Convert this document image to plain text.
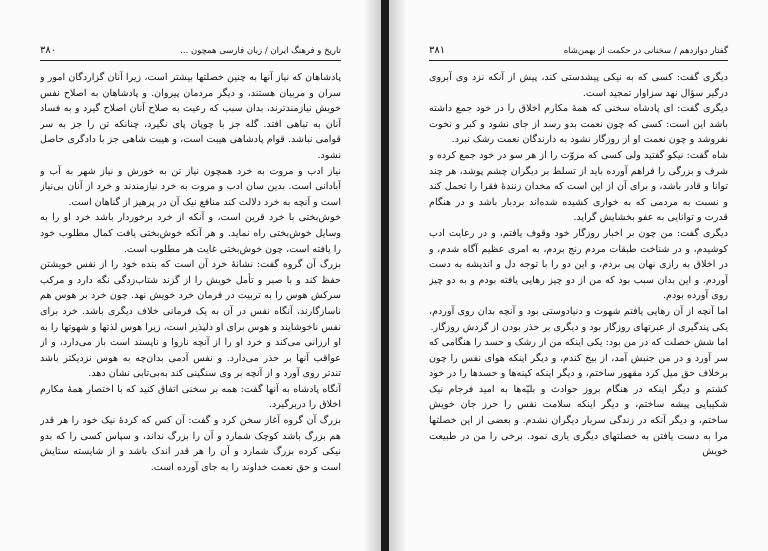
۳۸۰	تاریخ و فرهنگ ایران / زبان فارسی همچون ...

پادشاهان که نیاز آنها به چنین خصلتها بیشتر است، زیرا آنان گزاردگان امور و سران و مربیان هستند، و دیگر مردمان پیروان. و پادشاهان به اصلاح نفس خویش نیازمندترند، بدان سبب که رعیت به صلاح آنان اصلاح گیرد و به فساد آنان به تباهی افتد. گله جز با چوپان پای نگیرد، چنانکه تن را جز به سر قوامی نباشد. قوام پادشاهی هیبت است، و هیبت شاهی جز با دادگری حاصل نشود.

نیاز ادب و مروت به خرد همچون نیاز تن به خورش و نیاز شهر به آب و آبادانی است. بدین سان ادب و مروت به خرد نیازمندند و خرد از آنان بی‌نیاز است و آنچه به خرد دلالت کند منافع نیک آن در پرهیز از گناهان است.

خوش‌بختی با خرد قرین است، و آنکه از خرد برخوردار باشد خرد او را به وسایل خوش‌بختی راه نماید. و هر آنکه خوش‌بختی یافت کمال مطلوب خود را یافته است، چون خوش‌بختی غایت هر مطلوب است.

بزرگ آن گروه گفت: نشانهٔ خرد آن است که بنده خود را از نفس خویشتن حفظ کند و با صبر و تأمل خویش را از گزند شتاب‌زدگی نگه دارد و مرکب سرکش هوس را به تربیت در فرمان خرد خویش نهد. چون خرد بر هوس هم ناسازگارند، آنگاه نفس در آن به یک فرمانی خلاف دیگری باشد. خرد برای نفس ناخوشایند و هوس برای او دلپذیر است، زیرا هوس لذتها و شهوتها را به او ارزانی می‌کند و خرد او را از آنچه ناروا و ناپسند است باز می‌دارد، و از عواقب آنها بر حذر می‌دارد. و نفس آدمی بدان‌چه به هوس نزدیکتر باشد تندتر روی آورد و از آنچه بر وی سنگینی کند به‌بی‌تابی نشان دهد.

آنگاه پادشاه به آنها گفت: همه بر سخنی اتفاق کنید که با اختصار همهٔ مکارم اخلاق را دربرگیرد.

بزرگ آن گروه آغاز سخن کرد و گفت: آن کس که کردهٔ نیک خود را هر قدر هم بزرگ باشد کوچک شمارد و آن را بزرگ نداند، و سپاس کسی را که بدو نیکی کرده بزرگ شمارد و آن را هر قدر اندک باشد و از شایسته ستایش است و حق نعمت خداوند را به جای آورده است.

۳۸۱	گفتار دوازدهم / سخنانی در حکمت از بهمن‌شاه

دیگری گفت: کسی که به نیکی پیشدستی کند، پیش از آنکه نزد وی آبروی درگیر سؤال نهد سزاوار تمجید است.

دیگری گفت: ای پادشاه سخنی که همهٔ مکارم اخلاق را در خود جمع داشته باشد این است: کسی که چون نعمت بدو رسد از جای نشود و کبر و نخوت نفروشد و چون نعمت او از روزگار نشود به دارندگان نعمت رشک نبرد.

شاه گفت: نیکو گفتید ولی کسی که مروّت را از هر سو در خود جمع کرده و شرف و بزرگی را فراهم آورده باید از تسلط بر دیگران چشم پوشد، هر چند توانا و قادر باشد، و برای آن از این است که مخدان زنندهٔ فقرا را تحمل کند و نسبت به مردمی که به خواری کشیده شده‌اند بردبار باشد و در هنگام قدرت و توانایی به عفو بخشایش گراید.

دیگری گفت: من چون بر اخبار روزگار خود وقوف یافتم، و در رعایت ادب کوشیدم، و در شناخت طبقات مردم رنج بردم، به امری عظیم آگاه شدم، و در اخلاق به رازی نهان پی بردم، و این دو را با توجه دل و اندیشه به دست آوردم. و این بدان سبب بود که من از دو چیز رهایی یافته بودم و به دو چیز روی آورده بودم.

اما آنچه از آن رهایی یافتم شهوت و دنیادوستی بود و آنچه بدان روی آوردم، یکی پندگیری از عبرتهای روزگار بود و دیگری بر حذر بودن از گردش روزگار.

اما شش خصلت که در من بود: یکی اینکه من از رشک و حسد را هنگامی که سر آورد و در من جنبش آمد، از بیخ کندم، و دیگر اینکه هوای نفس را چون برخلاف حق میل کرد مقهور ساختم، و دیگر اینکه کینه‌ها و حسدها را در خود کشتم و دیگر اینکه در هنگام بروز حوادث و بلیّه‌ها به امید فرجام نیک شکیبایی پیشه ساختم، و دیگر اینکه سلامت نفس را حرز جان خویش ساختم، و دیگر آنکه در زندگی سربار دیگران نشدم. و بعضی از این خصلتها مرا به دست یافتن به خصلتهای دیگری یاری نمود. برخی را من در طبیعت خویش
